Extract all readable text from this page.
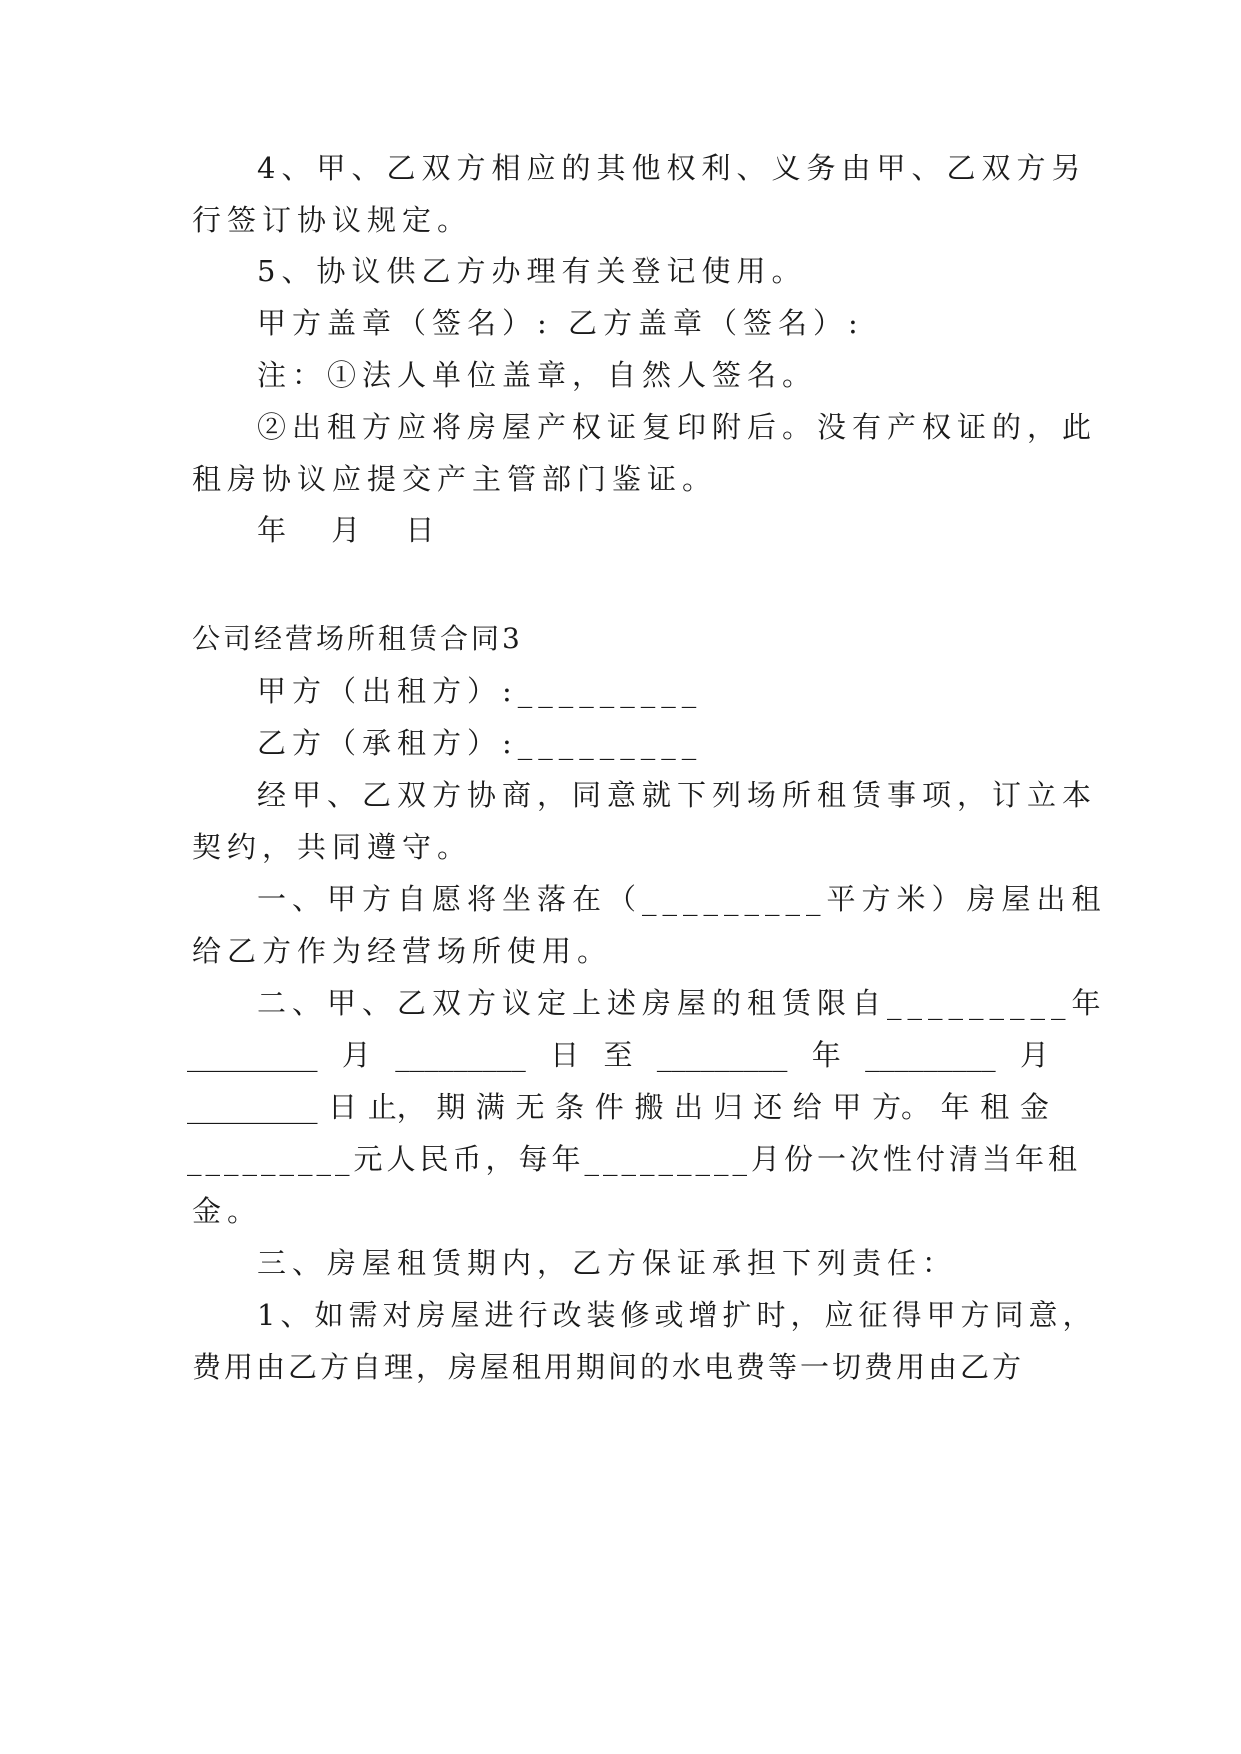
4、甲、乙双方相应的其他权利、义务由甲、乙双方另
行签订协议规定。
5、协议供乙方办理有关登记使用。
甲方盖章（签名）: 乙方盖章（签名）:
注：①法人单位盖章，自然人签名。
②出租方应将房屋产权证复印附后。没有产权证的，此
租房协议应提交产主管部门鉴证。
年 月 日
公司经营场所租赁合同3
甲方（出租方）:_________
乙方（承租方）:_________
经甲、乙双方协商，同意就下列场所租赁事项，订立本
契约，共同遵守。
一、甲方自愿将坐落在（_________平方米）房屋出租
给乙方作为经营场所使用。
二、甲、乙双方议定上述房屋的租赁限自_________年
_________ 月 _________ 日 至 _________ 年 _________ 月
_________ 日 止， 期 满 无 条 件 搬 出 归 还 给 甲 方。 年 租 金
_________元人民币，每年_________月份一次性付清当年租
金。
三、房屋租赁期内，乙方保证承担下列责任：
1、如需对房屋进行改装修或增扩时，应征得甲方同意，
费用由乙方自理，房屋租用期间的水电费等一切费用由乙方
